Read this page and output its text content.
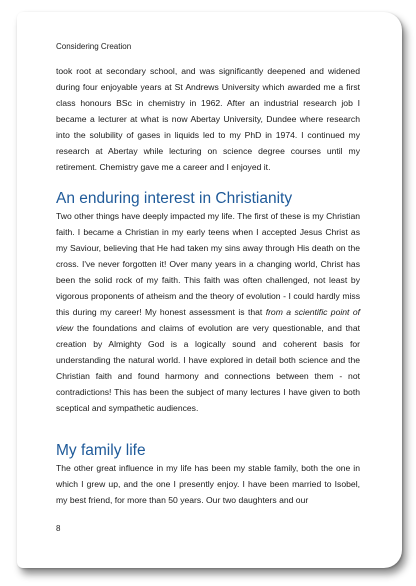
Considering Creation
took root at secondary school, and was significantly deepened and widened during four enjoyable years at St Andrews University which awarded me a first class honours BSc in chemistry in 1962. After an industrial research job I became a lecturer at what is now Abertay University, Dundee where research into the solubility of gases in liquids led to my PhD in 1974. I continued my research at Abertay while lecturing on science degree courses until my retirement. Chemistry gave me a career and I enjoyed it.
An enduring interest in Christianity
Two other things have deeply impacted my life. The first of these is my Christian faith. I became a Christian in my early teens when I accepted Jesus Christ as my Saviour, believing that He had taken my sins away through His death on the cross. I've never forgotten it! Over many years in a changing world, Christ has been the solid rock of my faith. This faith was often challenged, not least by vigorous proponents of atheism and the theory of evolution - I could hardly miss this during my career! My honest assessment is that from a scientific point of view the foundations and claims of evolution are very questionable, and that creation by Almighty God is a logically sound and coherent basis for understanding the natural world. I have explored in detail both science and the Christian faith and found harmony and connections between them - not contradictions! This has been the subject of many lectures I have given to both sceptical and sympathetic audiences.
My family life
The other great influence in my life has been my stable family, both the one in which I grew up, and the one I presently enjoy. I have been married to Isobel, my best friend, for more than 50 years. Our two daughters and our
8
